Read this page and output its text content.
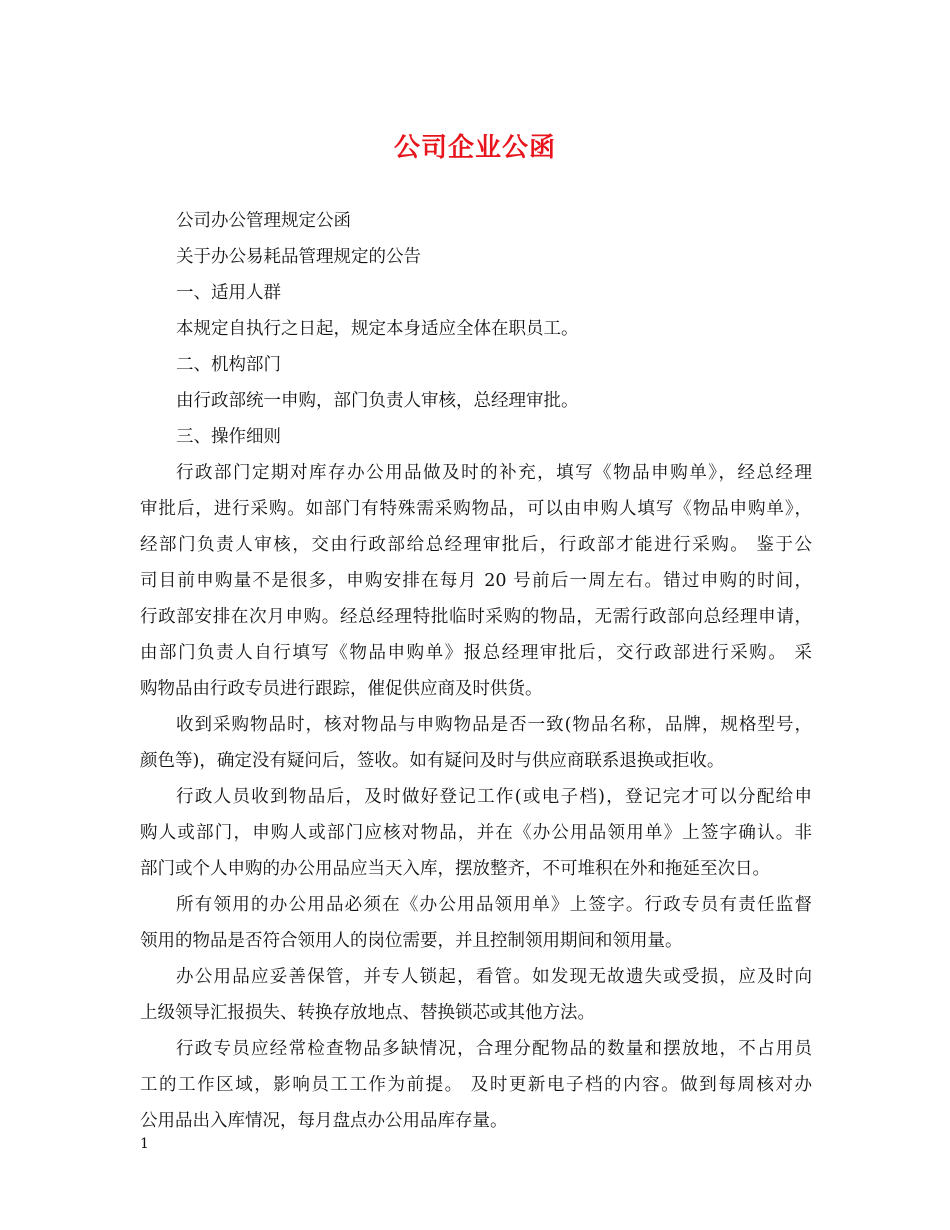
公司企业公函

公司办公管理规定公函

关于办公易耗品管理规定的公告

一、适用人群

本规定自执行之日起，规定本身适应全体在职员工。

二、机构部门

由行政部统一申购，部门负责人审核，总经理审批。

三、操作细则

行政部门定期对库存办公用品做及时的补充，填写《物品申购单》，经总经理
审批后，进行采购。如部门有特殊需采购物品，可以由申购人填写《物品申购单》，
经部门负责人审核，交由行政部给总经理审批后，行政部才能进行采购。 鉴于公
司目前申购量不是很多，申购安排在每月 20 号前后一周左右。错过申购的时间，
行政部安排在次月申购。经总经理特批临时采购的物品，无需行政部向总经理申请，
由部门负责人自行填写《物品申购单》报总经理审批后，交行政部进行采购。 采
购物品由行政专员进行跟踪，催促供应商及时供货。
收到采购物品时，核对物品与申购物品是否一致(物品名称，品牌，规格型号，
颜色等)，确定没有疑问后，签收。如有疑问及时与供应商联系退换或拒收。
行政人员收到物品后，及时做好登记工作(或电子档)，登记完才可以分配给申
购人或部门，申购人或部门应核对物品，并在《办公用品领用单》上签字确认。非
部门或个人申购的办公用品应当天入库，摆放整齐，不可堆积在外和拖延至次日。
所有领用的办公用品必须在《办公用品领用单》上签字。行政专员有责任监督
领用的物品是否符合领用人的岗位需要，并且控制领用期间和领用量。
办公用品应妥善保管，并专人锁起，看管。如发现无故遗失或受损，应及时向
上级领导汇报损失、转换存放地点、替换锁芯或其他方法。
行政专员应经常检查物品多缺情况，合理分配物品的数量和摆放地，不占用员
工的工作区域，影响员工工作为前提。 及时更新电子档的内容。做到每周核对办
公用品出入库情况，每月盘点办公用品库存量。
1
